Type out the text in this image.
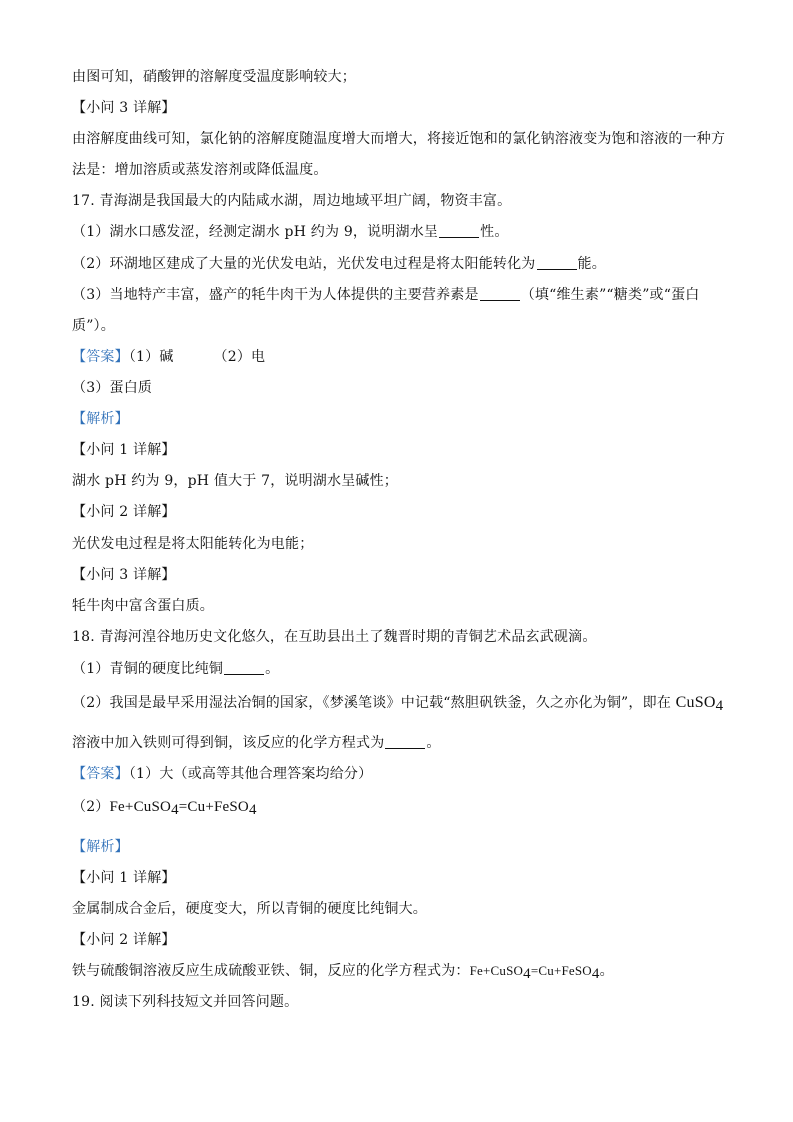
由图可知，硝酸钾的溶解度受温度影响较大；
【小问 3 详解】
由溶解度曲线可知，氯化钠的溶解度随温度增大而增大，将接近饱和的氯化钠溶液变为饱和溶液的一种方
法是：增加溶质或蒸发溶剂或降低温度。
17. 青海湖是我国最大的内陆咸水湖，周边地域平坦广阔，物资丰富。
（1）湖水口感发涩，经测定湖水 pH 约为 9，说明湖水呈	性。
（2）环湖地区建成了大量的光伏发电站，光伏发电过程是将太阳能转化为	能。
（3）当地特产丰富，盛产的牦牛肉干为人体提供的主要营养素是	（填“维生素”“糖类”或“蛋白
质”）。
【答案】（1）碱	（2）电
（3）蛋白质
【解析】
【小问 1 详解】
湖水 pH 约为 9，pH 值大于 7，说明湖水呈碱性；
【小问 2 详解】
光伏发电过程是将太阳能转化为电能；
【小问 3 详解】
牦牛肉中富含蛋白质。
18. 青海河湟谷地历史文化悠久，在互助县出土了魏晋时期的青铜艺术品玄武砚滴。
（1）青铜的硬度比纯铜	。
（2）我国是最早采用湿法冶铜的国家，《梦溪笔谈》中记载“熬胆矾铁釜，久之亦化为铜”，即在 CuSO$_4$
溶液中加入铁则可得到铜，该反应的化学方程式为	。
【答案】（1）大（或高等其他合理答案均给分）
（2）Fe+CuSO$_4$=Cu+FeSO$_4$
【解析】
【小问 1 详解】
金属制成合金后，硬度变大，所以青铜的硬度比纯铜大。
【小问 2 详解】
铁与硫酸铜溶液反应生成硫酸亚铁、铜，反应的化学方程式为：Fe+CuSO$_4$=Cu+FeSO$_4$。
19. 阅读下列科技短文并回答问题。
